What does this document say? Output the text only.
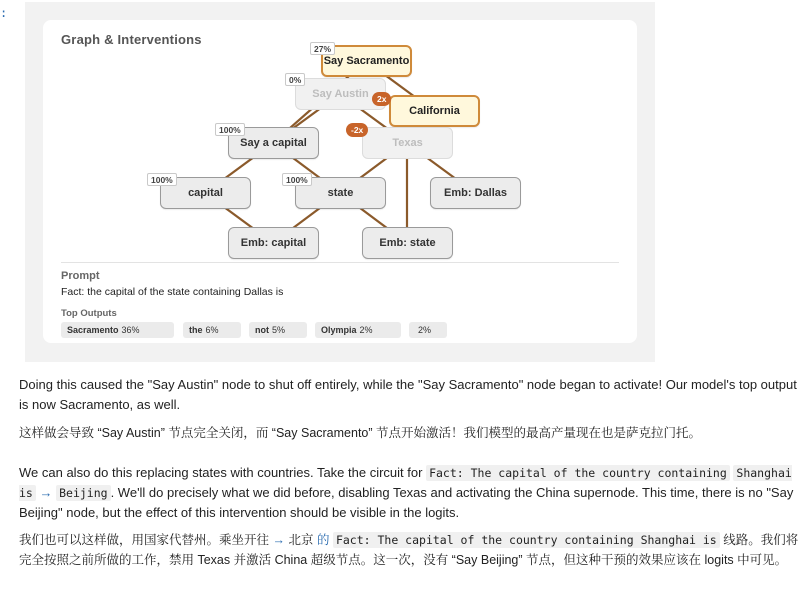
:
Graph & Interventions
Say Sacramento
27%
Say Austin
0%
California
2x
Say a capital
100%
Texas
-2x
capital
100%
state
100%
Emb: Dallas
Emb: capital	Emb: state
Prompt
Fact: the capital of the state containing Dallas is
Top Outputs
Sacramento 36%	the 6%	not 5%	Olympia 2%	2%

Doing this caused the "Say Austin" node to shut off entirely, while the "Say Sacramento" node began to activate! Our model's top output is now Sacramento, as well.

这样做会导致 “Say Austin” 节点完全关闭，而 “Say Sacramento” 节点开始激活！我们模型的最高产量现在也是萨克拉门托。

We can also do this replacing states with countries. Take the circuit for Fact: The capital of the country containing Shanghai is → Beijing . We'll do precisely what we did before, disabling Texas and activating the China supernode. This time, there is no "Say Beijing" node, but the effect of this intervention should be visible in the logits.

我们也可以这样做，用国家代替州。乘坐开往 → 北京 的 Fact: The capital of the country containing Shanghai is 线路。我们将完全按照之前所做的工作，禁用 Texas 并激活 China 超级节点。这一次，没有 “Say Beijing” 节点，但这种干预的效果应该在 logits 中可见。
